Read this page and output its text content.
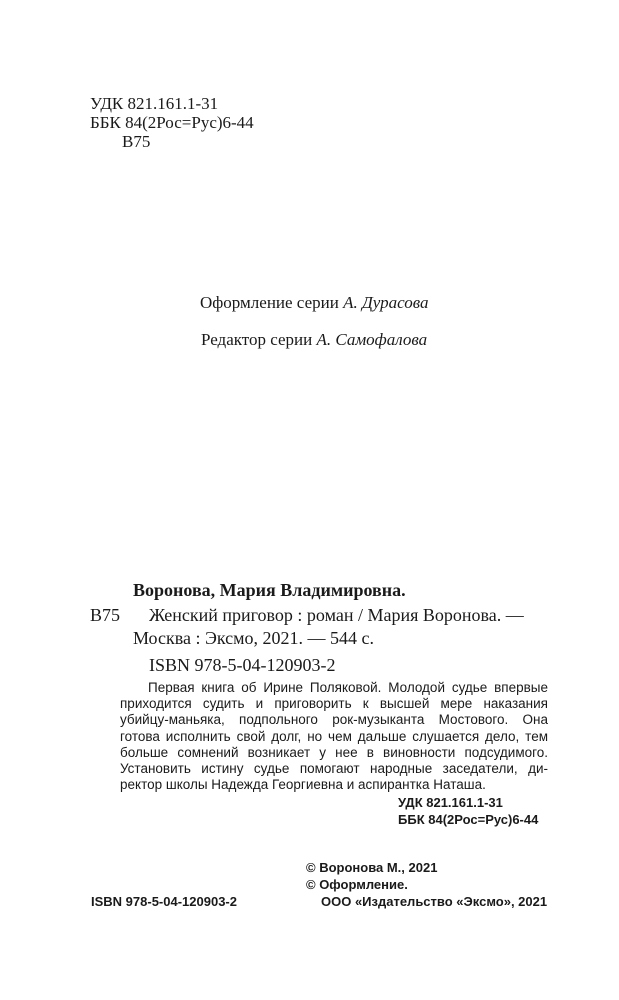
УДК 821.161.1-31
ББК 84(2Рос=Рус)6-44
В75
Оформление серии А. Дурасова
Редактор серии А. Самофалова
Воронова, Мария Владимировна.
В75 Женский приговор : роман / Мария Воронова. —
Москва : Эксмо, 2021. — 544 с.
ISBN 978-5-04-120903-2
Первая книга об Ирине Поляковой. Молодой судье впервые
приходится судить и приговорить к высшей мере наказания
убийцу-маньяка, подпольного рок-музыканта Мостового. Она
готова исполнить свой долг, но чем дальше слушается дело, тем
больше сомнений возникает у нее в виновности подсудимого.
Установить истину судье помогают народные заседатели, ди-
ректор школы Надежда Георгиевна и аспирантка Наташа.
УДК 821.161.1-31
ББК 84(2Рос=Рус)6-44
© Воронова М., 2021
© Оформление.
ISBN 978-5-04-120903-2	ООО «Издательство «Эксмо», 2021
